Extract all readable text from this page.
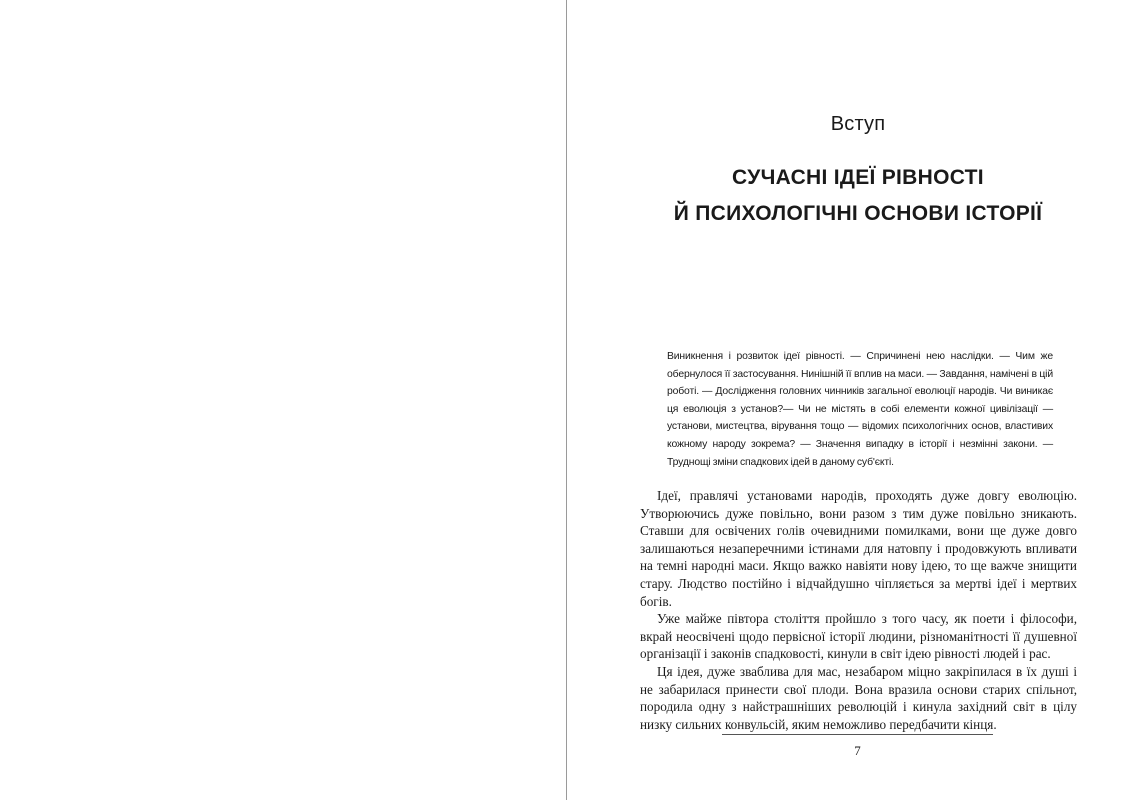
Вступ
СУЧАСНІ ІДЕЇ РІВНОСТІ
Й ПСИХОЛОГІЧНІ ОСНОВИ ІСТОРІЇ
Виникнення і розвиток ідеї рівності. — Спричинені нею наслідки. — Чим же обернулося її застосування. Нинішній її вплив на маси. — Завдання, намічені в цій роботі. — Дослідження головних чинників загальної еволюції народів. Чи виникає ця еволюція з установ?— Чи не містять в собі елементи кожної цивілізації — установи, мистецтва, вірування тощо — відомих психологічних основ, властивих кожному народу зокрема? — Значення випадку в історії і незмінні закони. — Труднощі зміни спадкових ідей в даному суб'єкті.

Ідеї, правлячі установами народів, проходять дуже довгу еволюцію. Утворюючись дуже повільно, вони разом з тим дуже повільно зникають. Ставши для освічених голів очевидними помилками, вони ще дуже довго залишаються незаперечними істинами для натовпу і продовжують впливати на темні народні маси. Якщо важко навіяти нову ідею, то ще важче знищити стару. Людство постійно і відчайдушно чіпляється за мертві ідеї і мертвих богів.

Уже майже півтора століття пройшло з того часу, як поети і філософи, вкрай неосвічені щодо первісної історії людини, різноманітності її душевної організації і законів спадковості, кинули в світ ідею рівності людей і рас.

Ця ідея, дуже зваблива для мас, незабаром міцно закріпилася в їх душі і не забарилася принести свої плоди. Вона вразила основи старих спільнот, породила одну з найстрашніших революцій і кинула західний світ в цілу низку сильних конвульсій, яким неможливо передбачити кінця.

7
